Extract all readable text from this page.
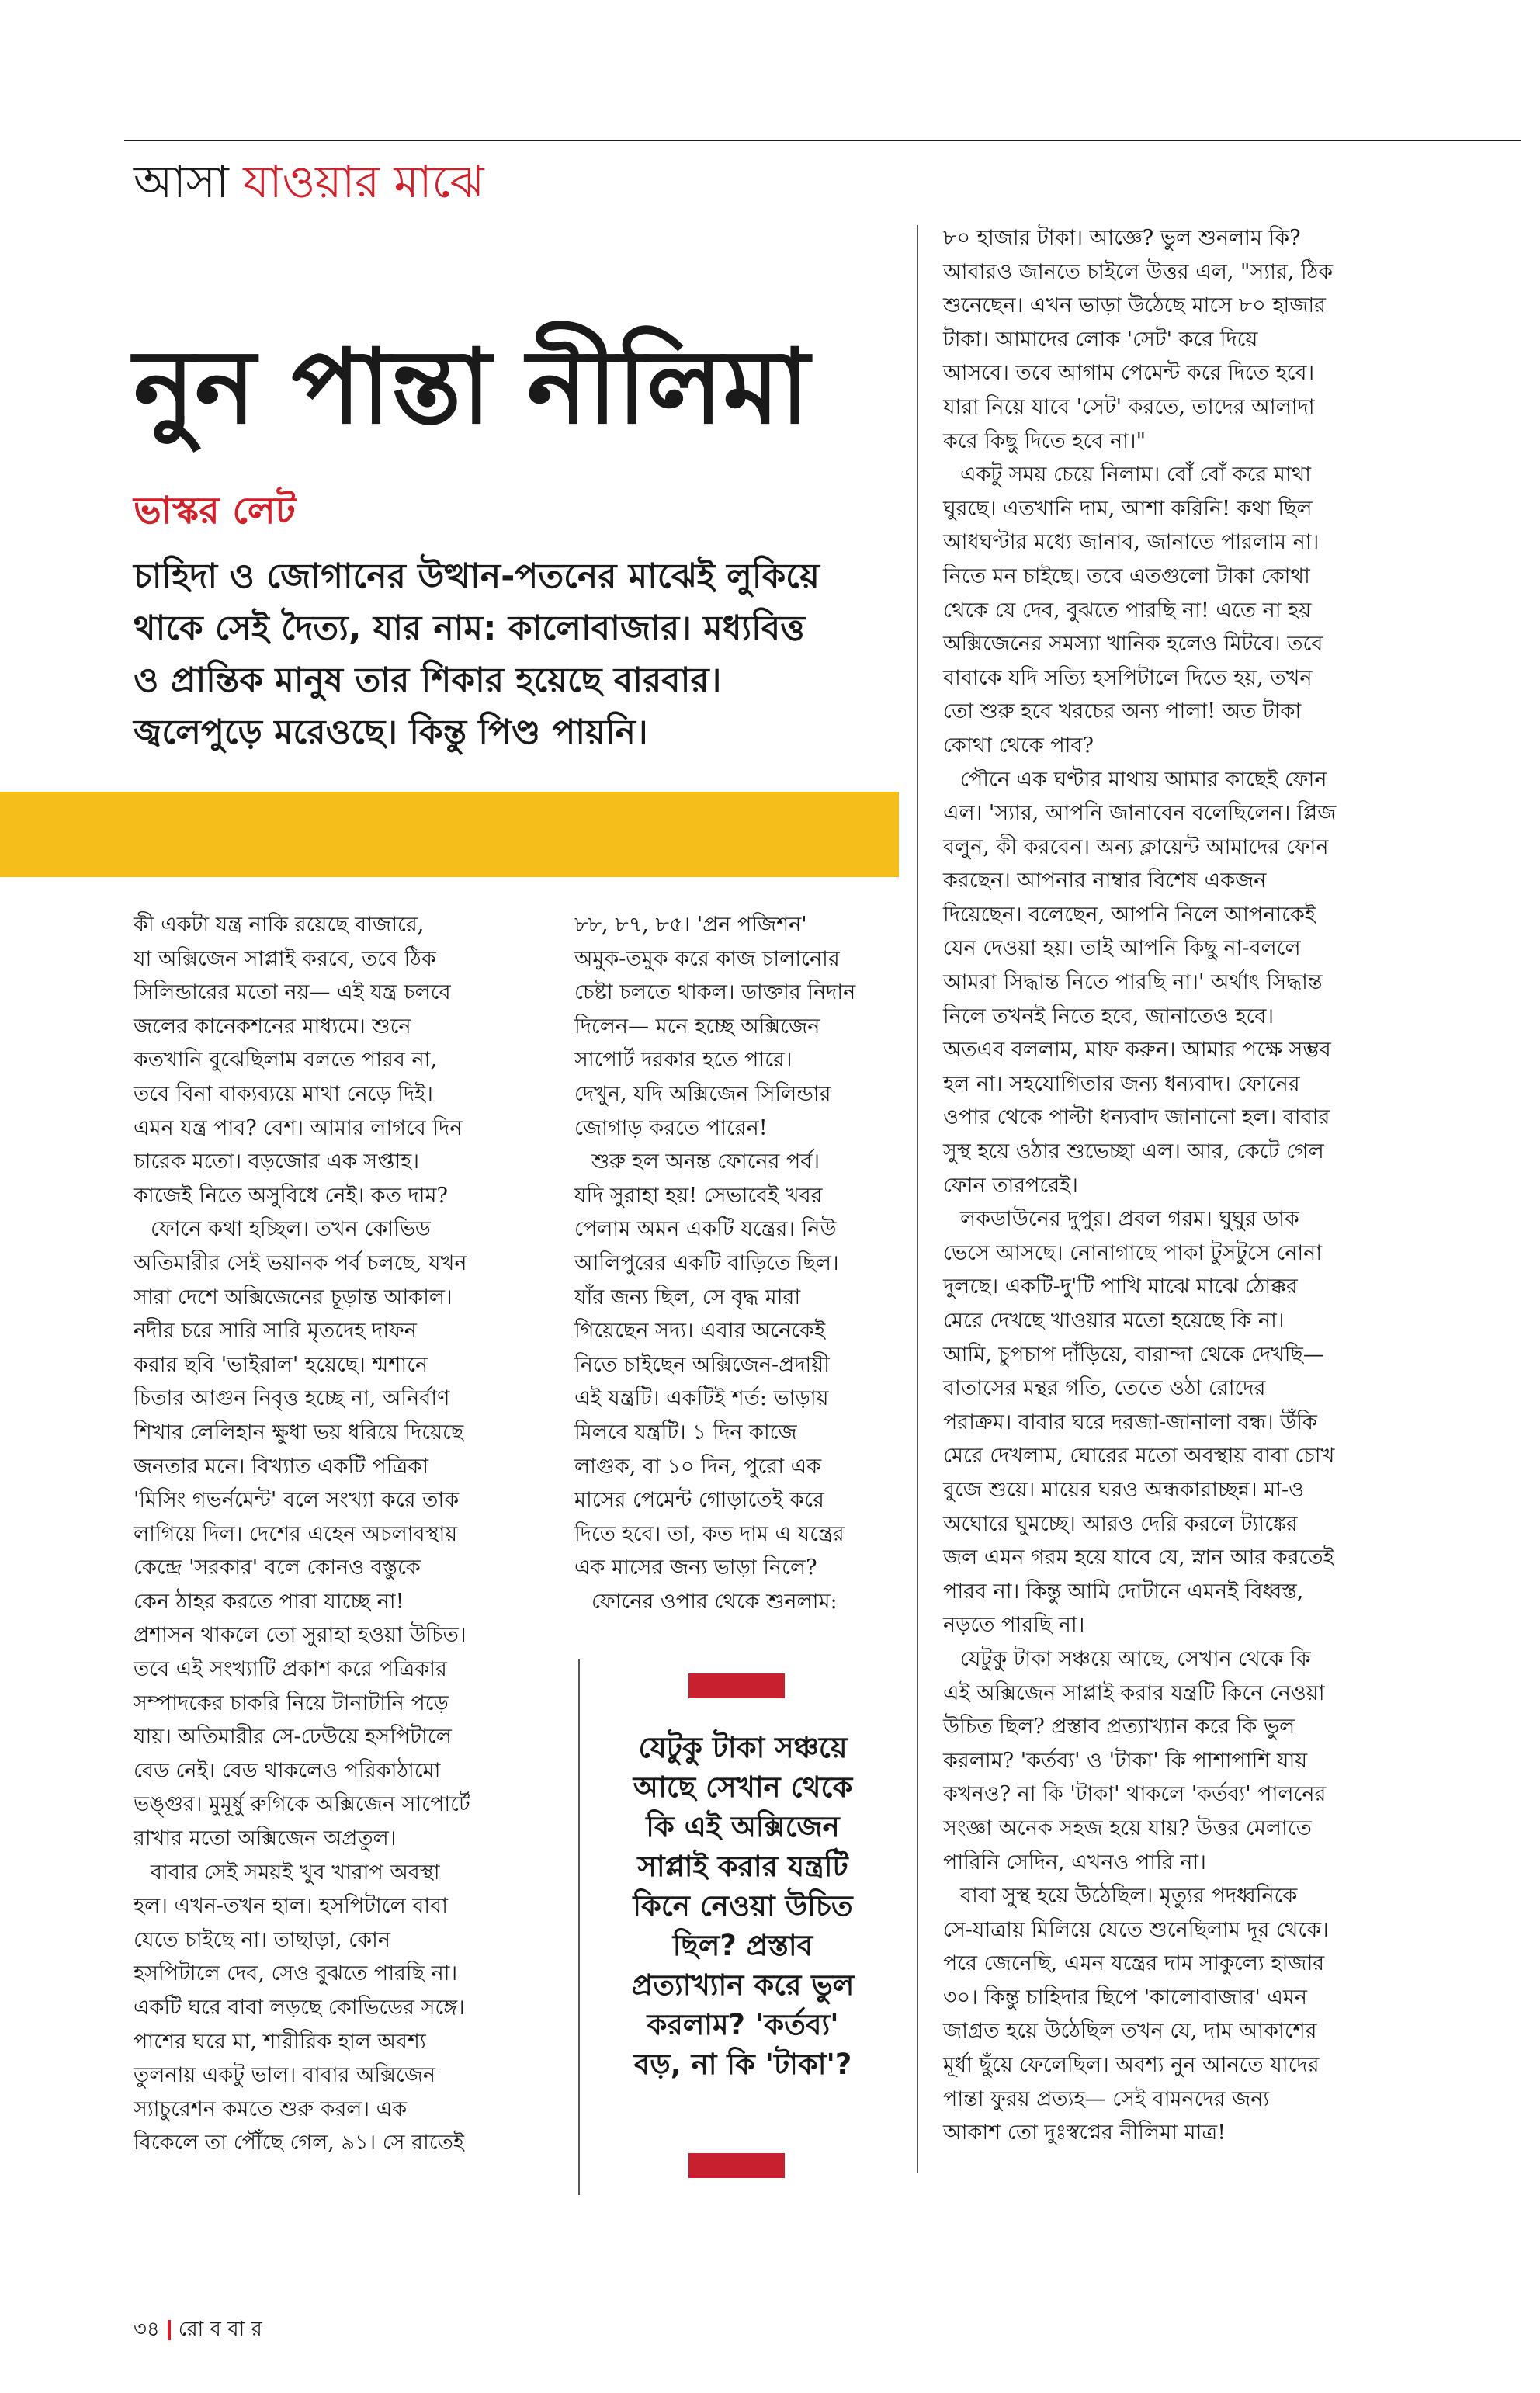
আসা যাওয়ার মাঝে
নুন পান্তা নীলিমা
ভাস্কর লেট
চাহিদা ও জোগানের উত্থান-পতনের মাঝেই লুকিয়ে
থাকে সেই দৈত্য, যার নাম: কালোবাজার। মধ্যবিত্ত
ও প্রান্তিক মানুষ তার শিকার হয়েছে বারবার।
জ্বলেপুড়ে মরেওছে। কিন্তু পিণ্ড পায়নি।

কী একটা যন্ত্র নাকি রয়েছে বাজারে,

যা অক্সিজেন সাপ্লাই করবে, তবে ঠিক

সিলিন্ডারের মতো নয়— এই যন্ত্র চলবে

জলের কানেকশনের মাধ্যমে। শুনে

কতখানি বুঝেছিলাম বলতে পারব না,

তবে বিনা বাক্যব্যয়ে মাথা নেড়ে দিই।

এমন যন্ত্র পাব? বেশ। আমার লাগবে দিন

চারেক মতো। বড়জোর এক সপ্তাহ।

কাজেই নিতে অসুবিধে নেই। কত দাম?

ফোনে কথা হচ্ছিল। তখন কোভিড

অতিমারীর সেই ভয়ানক পর্ব চলছে, যখন

সারা দেশে অক্সিজেনের চূড়ান্ত আকাল।

নদীর চরে সারি সারি মৃতদেহ দাফন

করার ছবি 'ভাইরাল' হয়েছে। শ্মশানে

চিতার আগুন নিবৃত্ত হচ্ছে না, অনির্বাণ

শিখার লেলিহান ক্ষুধা ভয় ধরিয়ে দিয়েছে

জনতার মনে। বিখ্যাত একটি পত্রিকা

'মিসিং গভর্নমেন্ট' বলে সংখ্যা করে তাক

লাগিয়ে দিল। দেশের এহেন অচলাবস্থায়

কেন্দ্রে 'সরকার' বলে কোনও বস্তুকে

কেন ঠাহর করতে পারা যাচ্ছে না!

প্রশাসন থাকলে তো সুরাহা হওয়া উচিত।

তবে এই সংখ্যাটি প্রকাশ করে পত্রিকার

সম্পাদকের চাকরি নিয়ে টানাটানি পড়ে

যায়। অতিমারীর সে-ঢেউয়ে হসপিটালে

বেড নেই। বেড থাকলেও পরিকাঠামো

ভঙ্গুর। মুমূর্ষু রুগিকে অক্সিজেন সাপোর্টে

রাখার মতো অক্সিজেন অপ্রতুল।

বাবার সেই সময়ই খুব খারাপ অবস্থা

হল। এখন-তখন হাল। হসপিটালে বাবা

যেতে চাইছে না। তাছাড়া, কোন

হসপিটালে দেব, সেও বুঝতে পারছি না।

একটি ঘরে বাবা লড়ছে কোভিডের সঙ্গে।

পাশের ঘরে মা, শারীরিক হাল অবশ্য

তুলনায় একটু ভাল। বাবার অক্সিজেন

স্যাচুরেশন কমতে শুরু করল। এক

বিকেলে তা পৌঁছে গেল, ৯১। সে রাতেই

৮৮, ৮৭, ৮৫। 'প্রন পজিশন'

অমুক-তমুক করে কাজ চালানোর

চেষ্টা চলতে থাকল। ডাক্তার নিদান

দিলেন— মনে হচ্ছে অক্সিজেন

সাপোর্ট দরকার হতে পারে।

দেখুন, যদি অক্সিজেন সিলিন্ডার

জোগাড় করতে পারেন!

শুরু হল অনন্ত ফোনের পর্ব।

যদি সুরাহা হয়! সেভাবেই খবর

পেলাম অমন একটি যন্ত্রের। নিউ

আলিপুরের একটি বাড়িতে ছিল।

যাঁর জন্য ছিল, সে বৃদ্ধ মারা

গিয়েছেন সদ্য। এবার অনেকেই

নিতে চাইছেন অক্সিজেন-প্রদায়ী

এই যন্ত্রটি। একটিই শর্ত: ভাড়ায়

মিলবে যন্ত্রটি। ১ দিন কাজে

লাগুক, বা ১০ দিন, পুরো এক

মাসের পেমেন্ট গোড়াতেই করে

দিতে হবে। তা, কত দাম এ যন্ত্রের

এক মাসের জন্য ভাড়া নিলে?

ফোনের ওপার থেকে শুনলাম:

৮০ হাজার টাকা। আজ্ঞে? ভুল শুনলাম কি?

আবারও জানতে চাইলে উত্তর এল, "স্যার, ঠিক

শুনেছেন। এখন ভাড়া উঠেছে মাসে ৮০ হাজার

টাকা। আমাদের লোক 'সেট' করে দিয়ে

আসবে। তবে আগাম পেমেন্ট করে দিতে হবে।

যারা নিয়ে যাবে 'সেট' করতে, তাদের আলাদা

করে কিছু দিতে হবে না।"

একটু সময় চেয়ে নিলাম। বোঁ বোঁ করে মাথা

ঘুরছে। এতখানি দাম, আশা করিনি! কথা ছিল

আধঘণ্টার মধ্যে জানাব, জানাতে পারলাম না।

নিতে মন চাইছে। তবে এতগুলো টাকা কোথা

থেকে যে দেব, বুঝতে পারছি না! এতে না হয়

অক্সিজেনের সমস্যা খানিক হলেও মিটবে। তবে

বাবাকে যদি সত্যি হসপিটালে দিতে হয়, তখন

তো শুরু হবে খরচের অন্য পালা! অত টাকা

কোথা থেকে পাব?

পৌনে এক ঘণ্টার মাথায় আমার কাছেই ফোন

এল। 'স্যার, আপনি জানাবেন বলেছিলেন। প্লিজ

বলুন, কী করবেন। অন্য ক্লায়েন্ট আমাদের ফোন

করছেন। আপনার নাম্বার বিশেষ একজন

দিয়েছেন। বলেছেন, আপনি নিলে আপনাকেই

যেন দেওয়া হয়। তাই আপনি কিছু না-বললে

আমরা সিদ্ধান্ত নিতে পারছি না।' অর্থাৎ সিদ্ধান্ত

নিলে তখনই নিতে হবে, জানাতেও হবে।

অতএব বললাম, মাফ করুন। আমার পক্ষে সম্ভব

হল না। সহযোগিতার জন্য ধন্যবাদ। ফোনের

ওপার থেকে পাল্টা ধন্যবাদ জানানো হল। বাবার

সুস্থ হয়ে ওঠার শুভেচ্ছা এল। আর, কেটে গেল

ফোন তারপরেই।

লকডাউনের দুপুর। প্রবল গরম। ঘুঘুর ডাক

ভেসে আসছে। নোনাগাছে পাকা টুসটুসে নোনা

দুলছে। একটি-দু'টি পাখি মাঝে মাঝে ঠোক্কর

মেরে দেখছে খাওয়ার মতো হয়েছে কি না।

আমি, চুপচাপ দাঁড়িয়ে, বারান্দা থেকে দেখছি—

বাতাসের মন্থর গতি, তেতে ওঠা রোদের

পরাক্রম। বাবার ঘরে দরজা-জানালা বন্ধ। উঁকি

মেরে দেখলাম, ঘোরের মতো অবস্থায় বাবা চোখ

বুজে শুয়ে। মায়ের ঘরও অন্ধকারাচ্ছন্ন। মা-ও

অঘোরে ঘুমচ্ছে। আরও দেরি করলে ট্যাঙ্কের

জল এমন গরম হয়ে যাবে যে, স্নান আর করতেই

পারব না। কিন্তু আমি দোটানে এমনই বিধ্বস্ত,

নড়তে পারছি না।

যেটুকু টাকা সঞ্চয়ে আছে, সেখান থেকে কি

এই অক্সিজেন সাপ্লাই করার যন্ত্রটি কিনে নেওয়া

উচিত ছিল? প্রস্তাব প্রত্যাখ্যান করে কি ভুল

করলাম? 'কর্তব্য' ও 'টাকা' কি পাশাপাশি যায়

কখনও? না কি 'টাকা' থাকলে 'কর্তব্য' পালনের

সংজ্ঞা অনেক সহজ হয়ে যায়? উত্তর মেলাতে

পারিনি সেদিন, এখনও পারি না।

বাবা সুস্থ হয়ে উঠেছিল। মৃত্যুর পদধ্বনিকে

সে-যাত্রায় মিলিয়ে যেতে শুনেছিলাম দূর থেকে।

পরে জেনেছি, এমন যন্ত্রের দাম সাকুল্যে হাজার

৩০। কিন্তু চাহিদার ছিপে 'কালোবাজার' এমন

জাগ্রত হয়ে উঠেছিল তখন যে, দাম আকাশের

মূর্ধা ছুঁয়ে ফেলেছিল। অবশ্য নুন আনতে যাদের

পান্তা ফুরয় প্রত্যহ— সেই বামনদের জন্য

আকাশ তো দুঃস্বপ্নের নীলিমা মাত্র!

যেটুকু টাকা সঞ্চয়ে

আছে সেখান থেকে

কি এই অক্সিজেন

সাপ্লাই করার যন্ত্রটি

কিনে নেওয়া উচিত

ছিল? প্রস্তাব

প্রত্যাখ্যান করে ভুল

করলাম? 'কর্তব্য'

বড়, না কি 'টাকা'?

৩৪ রো ব বা র
